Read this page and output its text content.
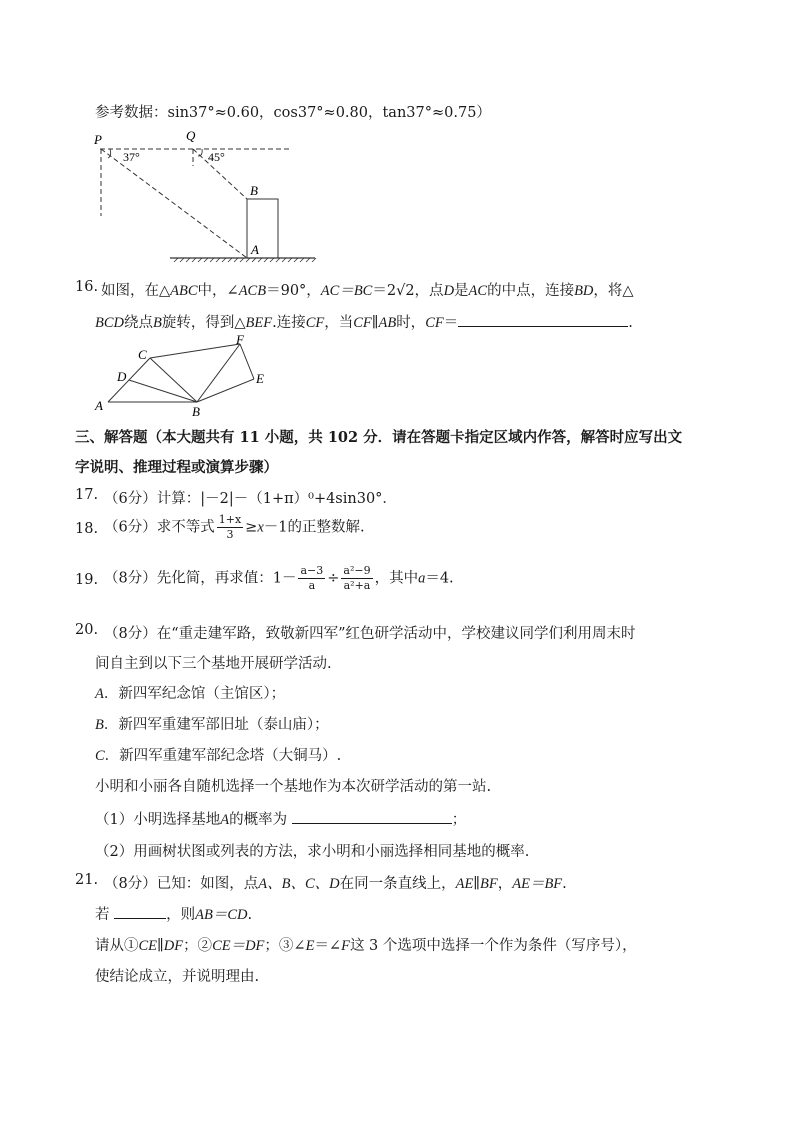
参考数据：sin37°≈0.60，cos37°≈0.80，tan37°≈0.75）
P	Q
B
A
37°	45°
16. 如图，在△ABC中，∠ACB＝90°，AC＝BC＝2√2，点D是AC的中点，连接BD，将△
BCD绕点B旋转，得到△BEF.连接CF，当CF∥AB时，CF＝	.
C
F
D	E
A	B
三、解答题（本大题共有 11 小题，共 102 分．请在答题卡指定区域内作答，解答时应写出文
字说明、推理过程或演算步骤）
17. （6分）计算：|－2|－（1+π）⁰+4sin30°．
18. （6分）求不等式 $\frac{1+x}{3} \ge x-1$的正整数解.
19. （8分）先化简，再求值：$1- \frac{a-3}{a} \div \frac{\text{a²−9}}{\text{a²+a}}$ ，其中a＝4.
20. （8分）在“重走建军路，致敬新四军”红色研学活动中，学校建议同学们利用周末时
间自主到以下三个基地开展研学活动.
A．新四军纪念馆（主馆区）；
B．新四军重建军部旧址（泰山庙）；
C．新四军重建军部纪念塔（大铜马）.
小明和小丽各自随机选择一个基地作为本次研学活动的第一站.
（1）小明选择基地A的概率为	；
（2）用画树状图或列表的方法，求小明和小丽选择相同基地的概率.
21. （8分）已知：如图，点A、B、C、D在同一条直线上，AE∥BF，AE＝BF.
若	，则AB＝CD.
请从①CE∥DF；②CE＝DF；③∠E＝∠F这 3 个选项中选择一个作为条件（写序号），
使结论成立，并说明理由.
